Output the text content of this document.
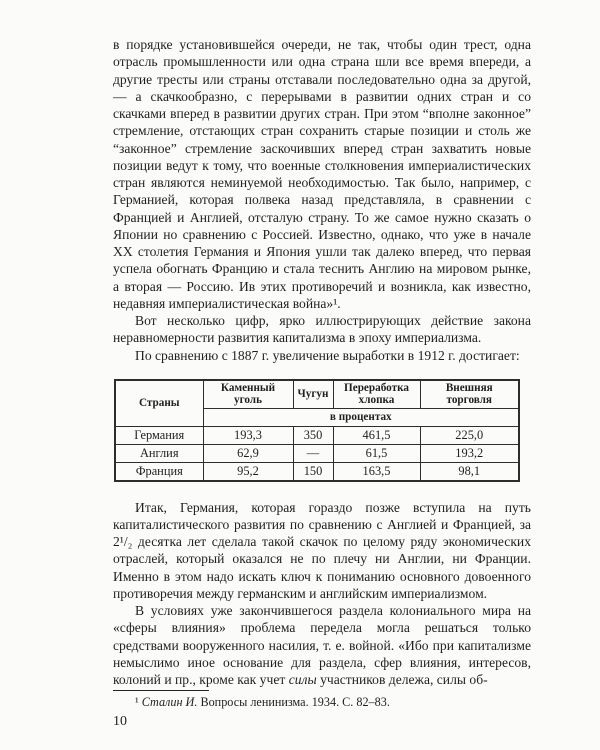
в порядке установившейся очереди, не так, чтобы один трест, одна отрасль промышленности или одна страна шли все время впереди, а другие тресты или страны отставали последовательно одна за другой, — а скачкообразно, с перерывами в развитии одних стран и со скачками вперед в развитии других стран. При этом “вполне законное” стремление, отстающих стран сохранить старые позиции и столь же “законное” стремление заскочивших вперед стран захватить новые позиции ведут к тому, что военные столкновения империалистических стран являются неминуемой необходимостью. Так было, например, с Германией, которая полвека назад представляла, в сравнении с Францией и Англией, отсталую страну. То же самое нужно сказать о Японии но сравнению с Россией. Известно, однако, что уже в начале XX столетия Германия и Япония ушли так далеко вперед, что первая успела обогнать Францию и стала теснить Англию на мировом рынке, а вторая — Россию. Ив этих противоречий и возникла, как известно, недавняя империалистическая война»¹.

Вот несколько цифр, ярко иллюстрирующих действие закона неравномерности развития капитализма в эпоху империализма.

По сравнению с 1887 г. увеличение выработки в 1912 г. достигает:

Страны	Каменный уголь	Чугун	Переработка хлопка	Внешняя торговля
	в процентах			
Германия	193,3	350	461,5	225,0
Англия	62,9	—	61,5	193,2
Франция	95,2	150	163,5	98,1

Итак, Германия, которая гораздо позже вступила на путь капиталистического развития по сравнению с Англией и Францией, за 2¹/₂ десятка лет сделала такой скачок по целому ряду экономических отраслей, который оказался не по плечу ни Англии, ни Франции. Именно в этом надо искать ключ к пониманию основного довоенного противоречия между германским и английским империализмом.

В условиях уже закончившегося раздела колониального мира на «сферы влияния» проблема передела могла решаться только средствами вооруженного насилия, т. е. войной. «Ибо при капитализме немыслимо иное основание для раздела, сфер влияния, интересов, колоний и пр., кроме как учет силы участников дележа, силы об-

¹ Сталин И. Вопросы ленинизма. 1934. С. 82–83.

10
